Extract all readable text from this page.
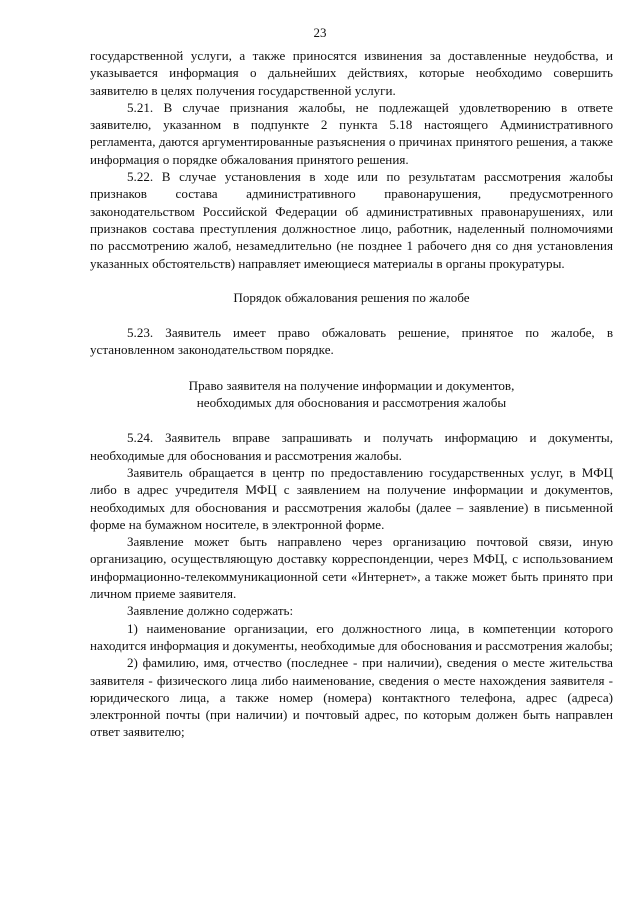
23

государственной услуги, а также приносятся извинения за доставленные неудобства, и указывается информация о дальнейших действиях, которые необходимо совершить заявителю в целях получения государственной услуги.

5.21. В случае признания жалобы, не подлежащей удовлетворению в ответе заявителю, указанном в подпункте 2 пункта 5.18 настоящего Административного регламента, даются аргументированные разъяснения о причинах принятого решения, а также информация о порядке обжалования принятого решения.

5.22. В случае установления в ходе или по результатам рассмотрения жалобы признаков состава административного правонарушения, предусмотренного законодательством Российской Федерации об административных правонарушениях, или признаков состава преступления должностное лицо, работник, наделенный полномочиями по рассмотрению жалоб, незамедлительно (не позднее 1 рабочего дня со дня установления указанных обстоятельств) направляет имеющиеся материалы в органы прокуратуры.

Порядок обжалования решения по жалобе

5.23. Заявитель имеет право обжаловать решение, принятое по жалобе, в установленном законодательством порядке.

Право заявителя на получение информации и документов,

необходимых для обоснования и рассмотрения жалобы

5.24. Заявитель вправе запрашивать и получать информацию и документы, необходимые для обоснования и рассмотрения жалобы.

Заявитель обращается в центр по предоставлению государственных услуг, в МФЦ либо в адрес учредителя МФЦ с заявлением на получение информации и документов, необходимых для обоснования и рассмотрения жалобы (далее – заявление) в письменной форме на бумажном носителе, в электронной форме.

Заявление может быть направлено через организацию почтовой связи, иную организацию, осуществляющую доставку корреспонденции, через МФЦ, с использованием информационно-телекоммуникационной сети «Интернет», а также может быть принято при личном приеме заявителя.

Заявление должно содержать:

1) наименование организации, его должностного лица, в компетенции которого находится информация и документы, необходимые для обоснования и рассмотрения жалобы;

2) фамилию, имя, отчество (последнее - при наличии), сведения о месте жительства заявителя - физического лица либо наименование, сведения о месте нахождения заявителя - юридического лица, а также номер (номера) контактного телефона, адрес (адреса) электронной почты (при наличии) и почтовый адрес, по которым должен быть направлен ответ заявителю;
